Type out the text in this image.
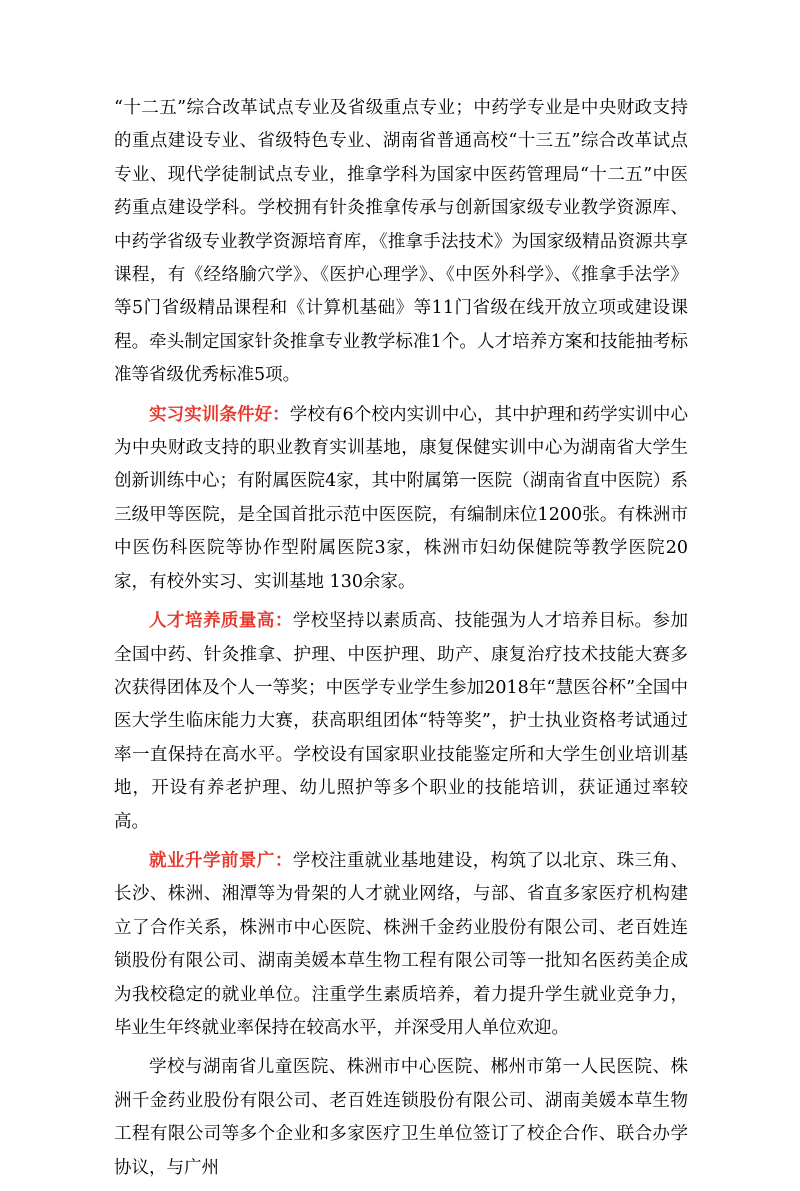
“十二五”综合改革试点专业及省级重点专业；中药学专业是中央财政支持的重点建设专业、省级特色专业、湖南省普通高校“十三五”综合改革试点专业、现代学徒制试点专业，推拿学科为国家中医药管理局“十二五”中医药重点建设学科。学校拥有针灸推拿传承与创新国家级专业教学资源库、中药学省级专业教学资源培育库，《推拿手法技术》为国家级精品资源共享课程，有《经络腧穴学》、《医护心理学》、《中医外科学》、《推拿手法学》等5门省级精品课程和《计算机基础》等11门省级在线开放立项或建设课程。牵头制定国家针灸推拿专业教学标准1个。人才培养方案和技能抽考标准等省级优秀标准5项。

实习实训条件好：学校有6个校内实训中心，其中护理和药学实训中心为中央财政支持的职业教育实训基地，康复保健实训中心为湖南省大学生创新训练中心；有附属医院4家，其中附属第一医院（湖南省直中医院）系三级甲等医院，是全国首批示范中医医院，有编制床位1200张。有株洲市中医伤科医院等协作型附属医院3家，株洲市妇幼保健院等教学医院20家，有校外实习、实训基地 130余家。

人才培养质量高：学校坚持以素质高、技能强为人才培养目标。参加全国中药、针灸推拿、护理、中医护理、助产、康复治疗技术技能大赛多次获得团体及个人一等奖；中医学专业学生参加2018年“慧医谷杯”全国中医大学生临床能力大赛，获高职组团体“特等奖”，护士执业资格考试通过率一直保持在高水平。学校设有国家职业技能鉴定所和大学生创业培训基地，开设有养老护理、幼儿照护等多个职业的技能培训，获证通过率较高。

就业升学前景广：学校注重就业基地建设，构筑了以北京、珠三角、长沙、株洲、湘潭等为骨架的人才就业网络，与部、省直多家医疗机构建立了合作关系，株洲市中心医院、株洲千金药业股份有限公司、老百姓连锁股份有限公司、湖南美媛本草生物工程有限公司等一批知名医药美企成为我校稳定的就业单位。注重学生素质培养，着力提升学生就业竞争力，毕业生年终就业率保持在较高水平，并深受用人单位欢迎。

学校与湖南省儿童医院、株洲市中心医院、郴州市第一人民医院、株洲千金药业股份有限公司、老百姓连锁股份有限公司、湖南美媛本草生物工程有限公司等多个企业和多家医疗卫生单位签订了校企合作、联合办学协议，与广州
